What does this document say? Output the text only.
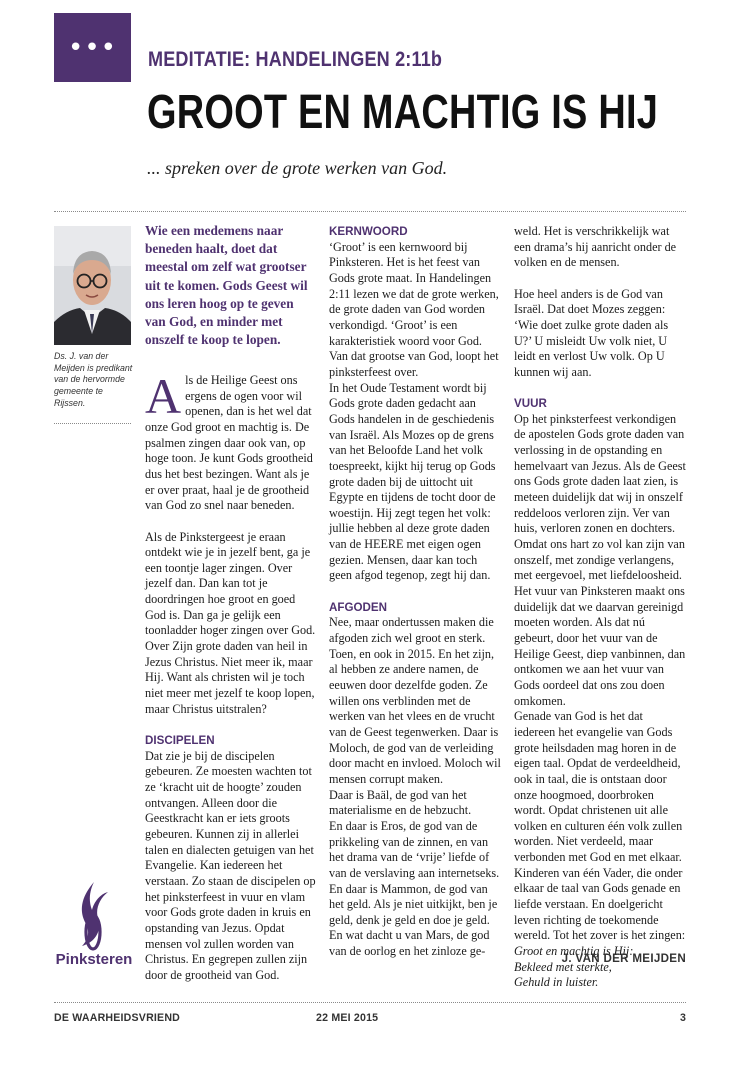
•••	MEDITATIE: HANDELINGEN 2:11b
GROOT EN MACHTIG IS HIJ
... spreken over de grote werken van God.
Ds. J. van der Meijden is predikant van de hervormde gemeente te Rijssen.
Wie een medemens naar beneden haalt, doet dat meestal om zelf wat grootser uit te komen. Gods Geest wil ons leren hoog op te geven van God, en minder met onszelf te koop te lopen.

Als de Heilige Geest ons ergens de ogen voor wil openen, dan is het wel dat onze God groot en machtig is. De psalmen zingen daar ook van, op hoge toon. Je kunt Gods grootheid dus het best bezingen. Want als je er over praat, haal je de grootheid van God zo snel naar beneden.

Als de Pinkstergeest je eraan ontdekt wie je in jezelf bent, ga je een toontje lager zingen. Over jezelf dan. Dan kan tot je doordringen hoe groot en goed God is. Dan ga je gelijk een toonladder hoger zingen over God. Over Zijn grote daden van heil in Jezus Christus. Niet meer ik, maar Hij. Want als christen wil je toch niet meer met jezelf te koop lopen, maar Christus uitstralen?

DISCIPELEN

Dat zie je bij de discipelen gebeuren. Ze moesten wachten tot ze ‘kracht uit de hoogte’ zouden ontvangen. Alleen door die Geestkracht kan er iets groots gebeuren. Kunnen zij in allerlei talen en dialecten getuigen van het Evangelie. Kan iedereen het verstaan. Zo staan de discipelen op het pinksterfeest in vuur en vlam voor Gods grote daden in kruis en opstanding van Jezus. Opdat mensen vol zullen worden van Christus. En gegrepen zullen zijn door de grootheid van God.

KERNWOORD

‘Groot’ is een kernwoord bij Pinksteren. Het is het feest van Gods grote maat. In Handelingen 2:11 lezen we dat de grote werken, de grote daden van God worden verkondigd. ‘Groot’ is een karakteristiek woord voor God. Van dat grootse van God, loopt het pinksterfeest over.

In het Oude Testament wordt bij Gods grote daden gedacht aan Gods handelen in de geschiedenis van Israël. Als Mozes op de grens van het Beloofde Land het volk toespreekt, kijkt hij terug op Gods grote daden bij de uittocht uit Egypte en tijdens de tocht door de woestijn. Hij zegt tegen het volk: jullie hebben al deze grote daden van de HEERE met eigen ogen gezien. Mensen, daar kan toch geen afgod tegenop, zegt hij dan.

AFGODEN

Nee, maar ondertussen maken die afgoden zich wel groot en sterk. Toen, en ook in 2015. En het zijn, al hebben ze andere namen, de eeuwen door dezelfde goden. Ze willen ons verblinden met de werken van het vlees en de vrucht van de Geest tegenwerken. Daar is Moloch, de god van de verleiding door macht en invloed. Moloch wil mensen corrupt maken.

Daar is Baäl, de god van het materialisme en de hebzucht.

En daar is Eros, de god van de prikkeling van de zinnen, en van het drama van de ‘vrije’ liefde of van de verslaving aan internetseks.

En daar is Mammon, de god van het geld. Als je niet uitkijkt, ben je geld, denk je geld en doe je geld. En wat dacht u van Mars, de god van de oorlog en het zinloze ge-

weld. Het is verschrikkelijk wat een drama’s hij aanricht onder de volken en de mensen.

Hoe heel anders is de God van Israël. Dat doet Mozes zeggen: ‘Wie doet zulke grote daden als U?’ U misleidt Uw volk niet, U leidt en verlost Uw volk. Op U kunnen wij aan.

VUUR

Op het pinksterfeest verkondigen de apostelen Gods grote daden van verlossing in de opstanding en hemelvaart van Jezus. Als de Geest ons Gods grote daden laat zien, is meteen duidelijk dat wij in onszelf reddeloos verloren zijn. Ver van huis, verloren zonen en dochters. Omdat ons hart zo vol kan zijn van onszelf, met zondige verlangens, met eergevoel, met liefdeloosheid. Het vuur van Pinksteren maakt ons duidelijk dat we daarvan gereinigd moeten worden. Als dat nú gebeurt, door het vuur van de Heilige Geest, diep vanbinnen, dan ontkomen we aan het vuur van Gods oordeel dat ons zou doen omkomen.

Genade van God is het dat iedereen het evangelie van Gods grote heilsdaden mag horen in de eigen taal. Opdat de verdeeldheid, ook in taal, die is ontstaan door onze hoogmoed, doorbroken wordt. Opdat christenen uit alle volken en culturen één volk zullen worden. Niet verdeeld, maar verbonden met God en met elkaar. Kinderen van één Vader, die onder elkaar de taal van Gods genade en liefde verstaan. En doelgericht leven richting de toekomende wereld. Tot het zover is het zingen:

Groot en machtig is Hij:

Bekleed met sterkte,

Gehuld in luister.

J. VAN DER MEIJDEN
Pinksteren
DE WAARHEIDSVRIEND	22 MEI 2015	3
